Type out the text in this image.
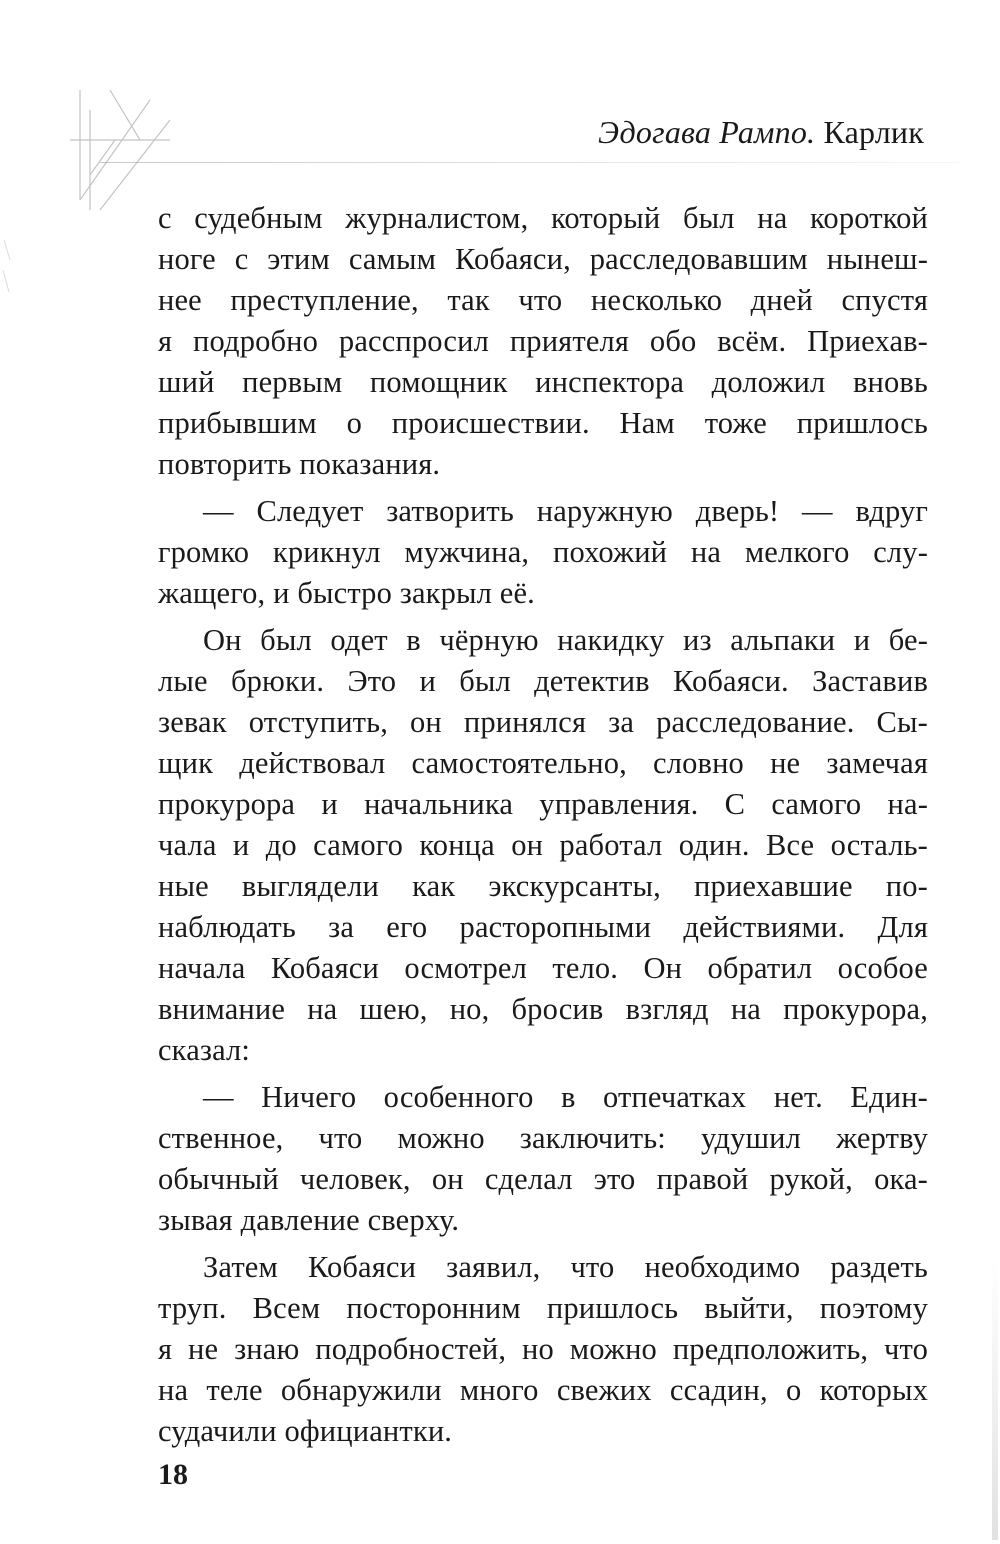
Эдогава Рампо. Карлик
с судебным журналистом, который был на короткой
ноге с этим самым Кобаяси, расследовавшим нынеш-
нее преступление, так что несколько дней спустя
я подробно расспросил приятеля обо всём. Приехав-
ший первым помощник инспектора доложил вновь
прибывшим о происшествии. Нам тоже пришлось
повторить показания.
— Следует затворить наружную дверь! — вдруг
громко крикнул мужчина, похожий на мелкого слу-
жащего, и быстро закрыл её.
Он был одет в чёрную накидку из альпаки и бе-
лые брюки. Это и был детектив Кобаяси. Заставив
зевак отступить, он принялся за расследование. Сы-
щик действовал самостоятельно, словно не замечая
прокурора и начальника управления. С самого на-
чала и до самого конца он работал один. Все осталь-
ные выглядели как экскурсанты, приехавшие по-
наблюдать за его расторопными действиями. Для
начала Кобаяси осмотрел тело. Он обратил особое
внимание на шею, но, бросив взгляд на прокурора,
сказал:
— Ничего особенного в отпечатках нет. Един-
ственное, что можно заключить: удушил жертву
обычный человек, он сделал это правой рукой, ока-
зывая давление сверху.
Затем Кобаяси заявил, что необходимо раздеть
труп. Всем посторонним пришлось выйти, поэтому
я не знаю подробностей, но можно предположить, что
на теле обнаружили много свежих ссадин, о которых
судачили официантки.
18
